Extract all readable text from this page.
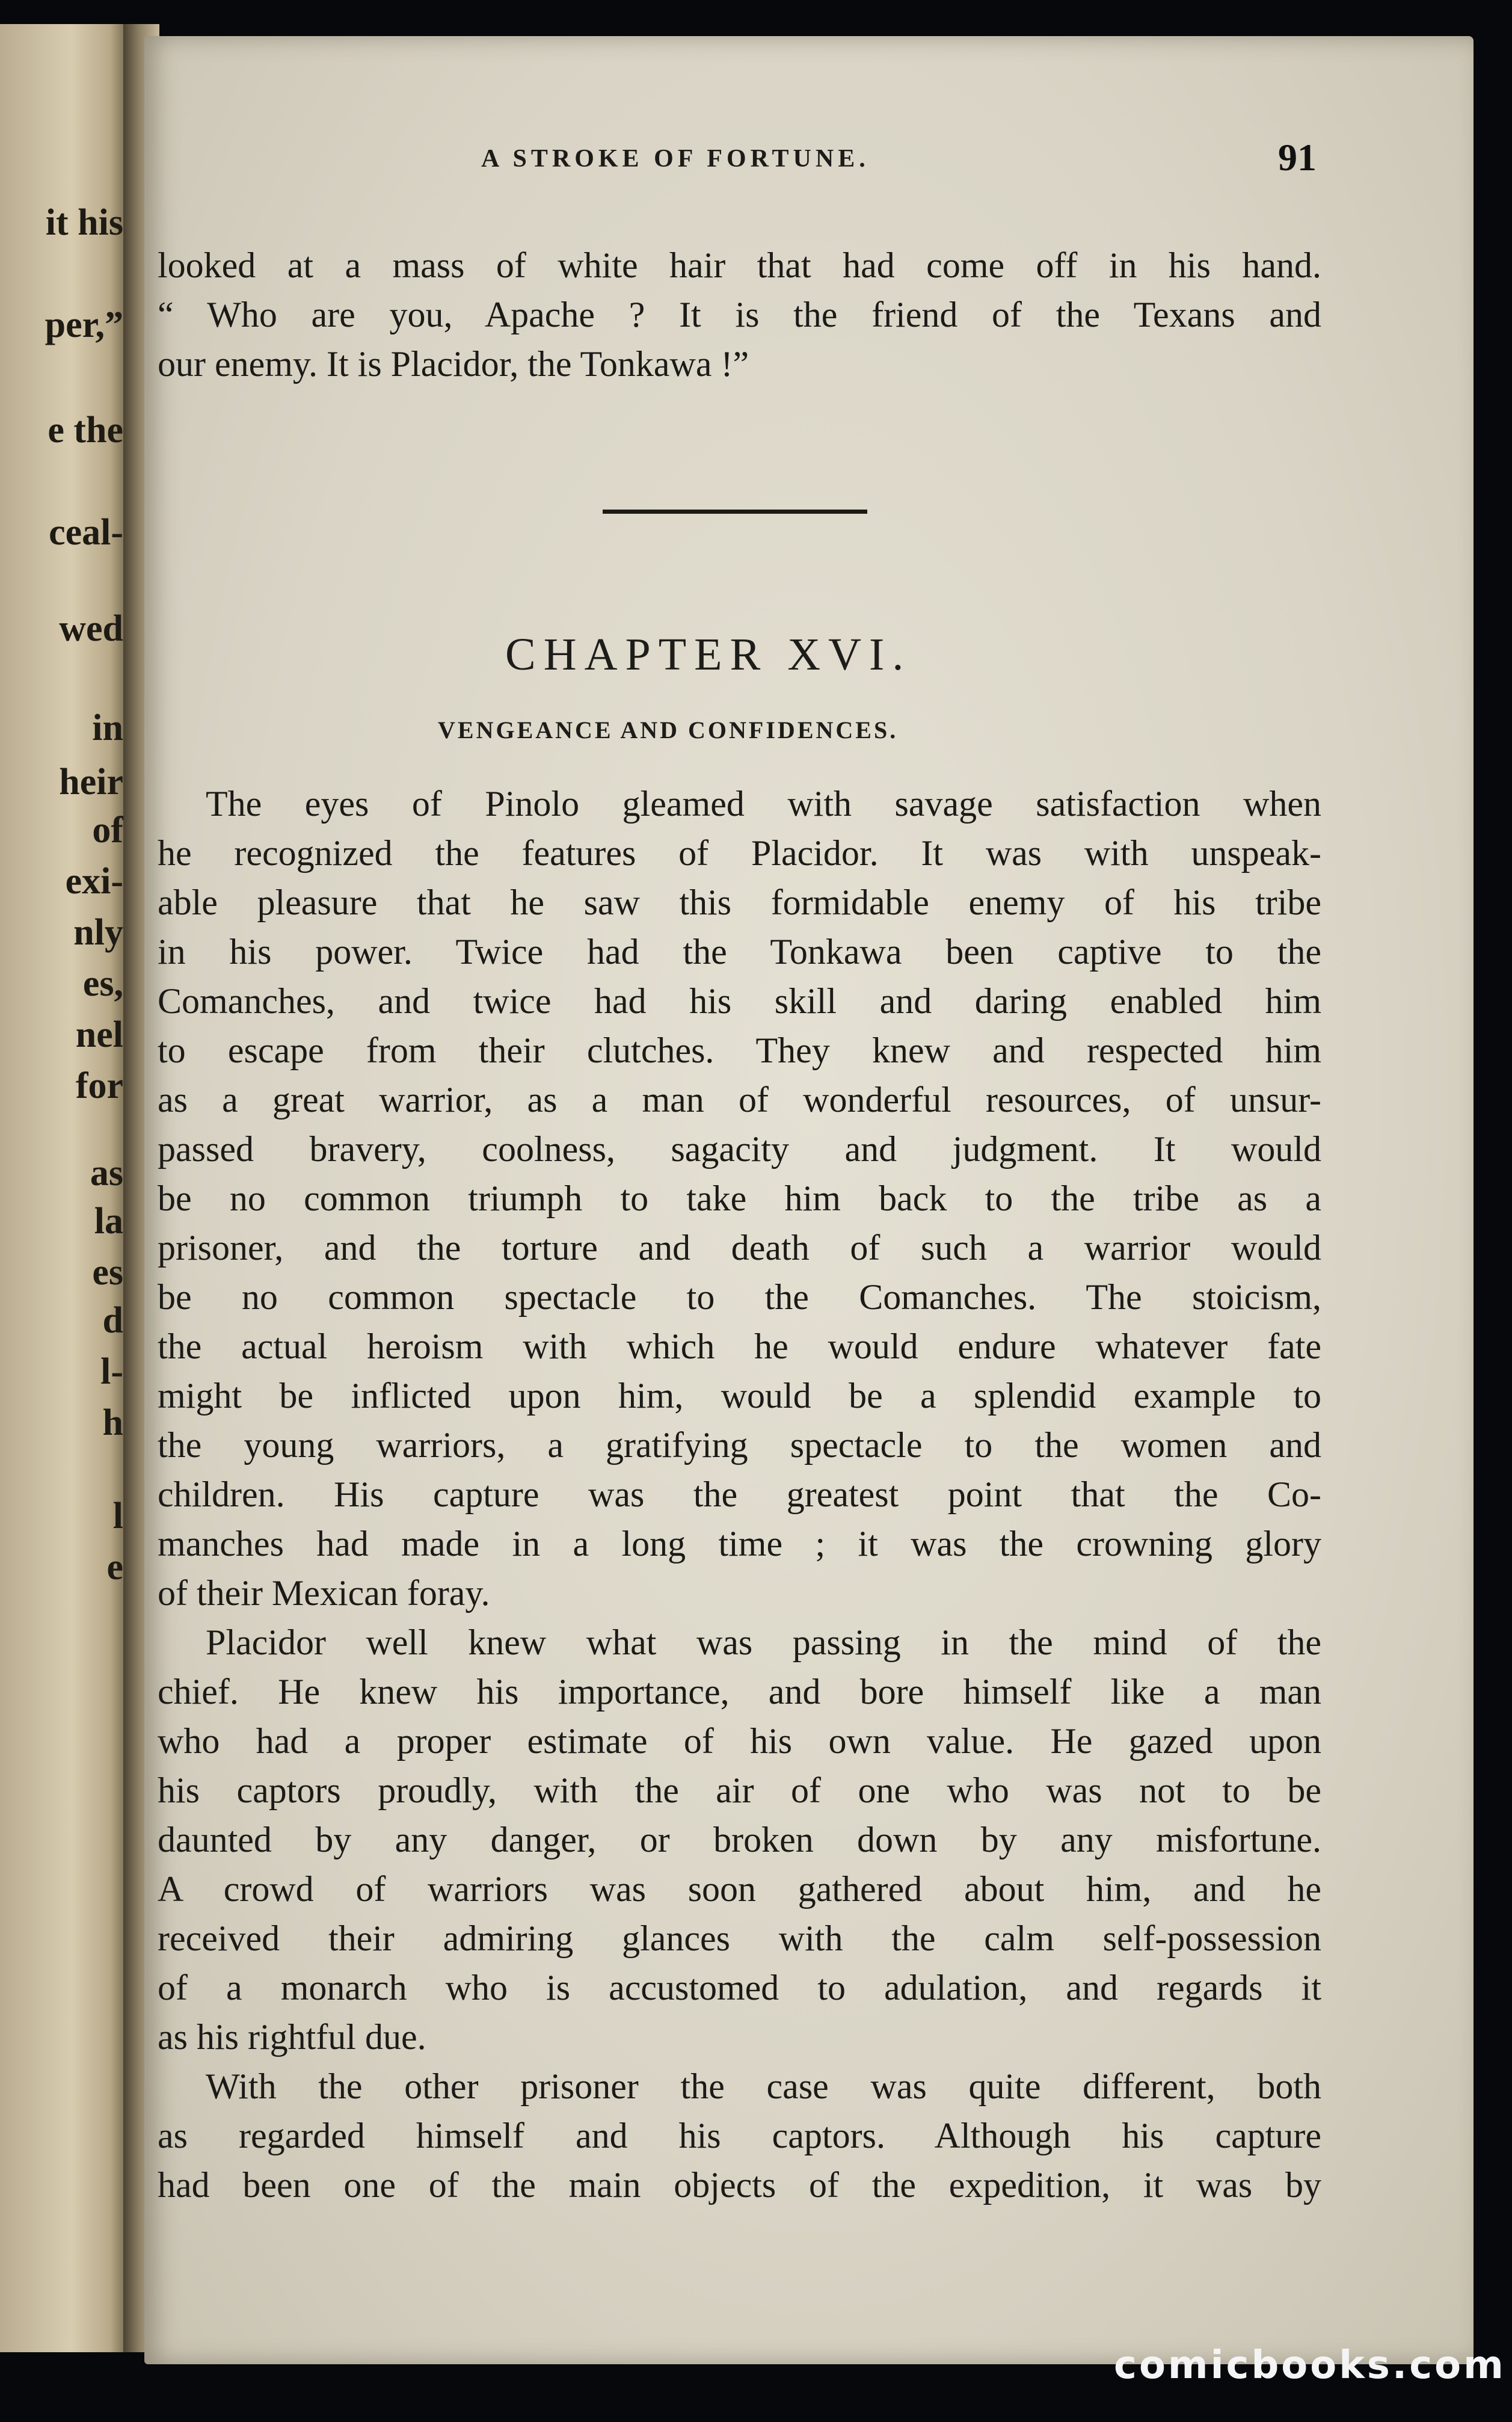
it his
per,”
e the
ceal-
wed
in
heir
of
exi-
nly
es,
nel
for
as
la
es
d
l-
h
l
e
A STROKE OF FORTUNE.	91
looked at a mass of white hair that had come off in his hand.
“ Who are you, Apache ? It is the friend of the Texans and
our enemy. It is Placidor, the Tonkawa !”
CHAPTER XVI.
VENGEANCE AND CONFIDENCES.
The eyes of Pinolo gleamed with savage satisfaction when
he recognized the features of Placidor. It was with unspeak-
able pleasure that he saw this formidable enemy of his tribe
in his power. Twice had the Tonkawa been captive to the
Comanches, and twice had his skill and daring enabled him
to escape from their clutches. They knew and respected him
as a great warrior, as a man of wonderful resources, of unsur-
passed bravery, coolness, sagacity and judgment. It would
be no common triumph to take him back to the tribe as a
prisoner, and the torture and death of such a warrior would
be no common spectacle to the Comanches. The stoicism,
the actual heroism with which he would endure whatever fate
might be inflicted upon him, would be a splendid example to
the young warriors, a gratifying spectacle to the women and
children. His capture was the greatest point that the Co-
manches had made in a long time ; it was the crowning glory
of their Mexican foray.
Placidor well knew what was passing in the mind of the
chief. He knew his importance, and bore himself like a man
who had a proper estimate of his own value. He gazed upon
his captors proudly, with the air of one who was not to be
daunted by any danger, or broken down by any misfortune.
A crowd of warriors was soon gathered about him, and he
received their admiring glances with the calm self-possession
of a monarch who is accustomed to adulation, and regards it
as his rightful due.
With the other prisoner the case was quite different, both
as regarded himself and his captors. Although his capture
had been one of the main objects of the expedition, it was by
comicbooks.com
